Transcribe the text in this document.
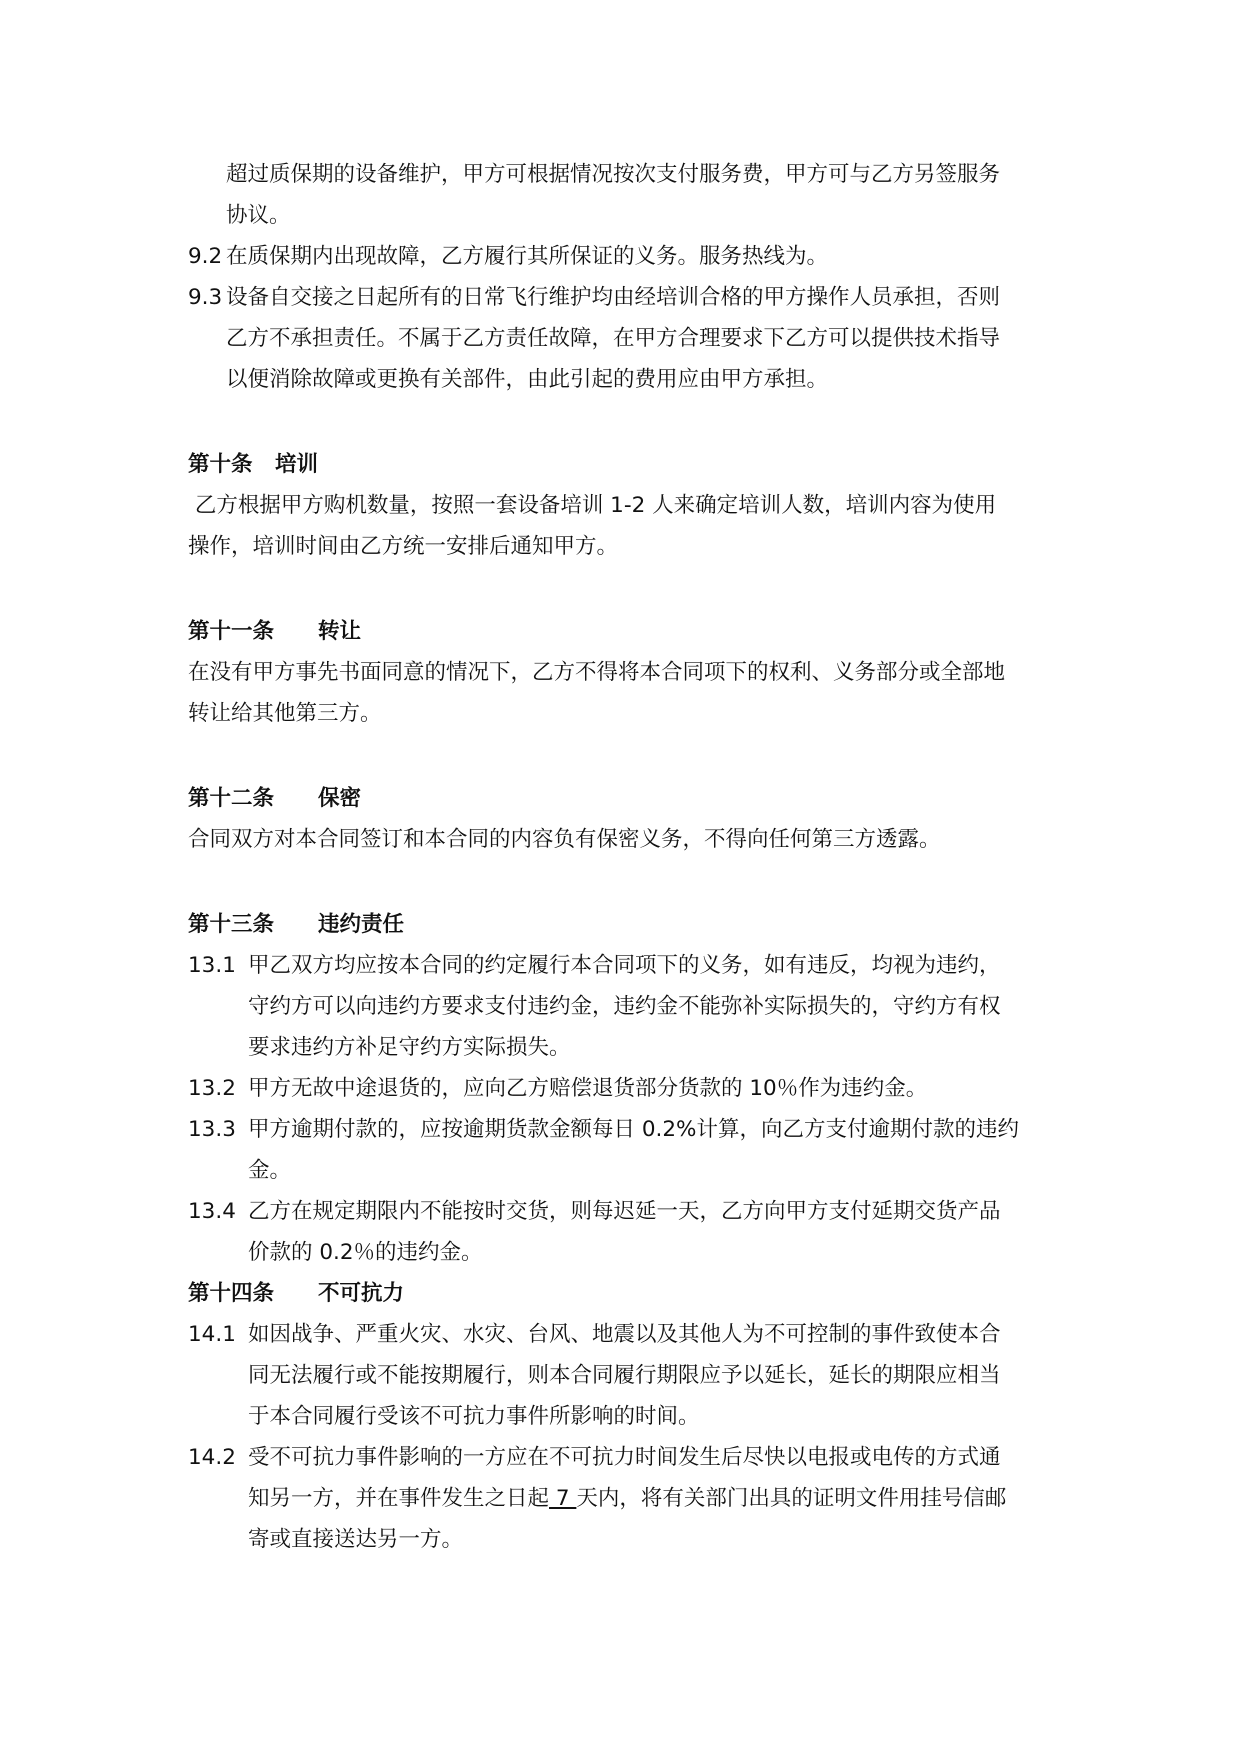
超过质保期的设备维护，甲方可根据情况按次支付服务费，甲方可与乙方另签服务
协议。
9.2 在质保期内出现故障，乙方履行其所保证的义务。服务热线为。
9.3 设备自交接之日起所有的日常飞行维护均由经培训合格的甲方操作人员承担，否则
乙方不承担责任。不属于乙方责任故障，在甲方合理要求下乙方可以提供技术指导
以便消除故障或更换有关部件，由此引起的费用应由甲方承担。
第十条 培训
乙方根据甲方购机数量，按照一套设备培训 1-2 人来确定培训人数，培训内容为使用
操作，培训时间由乙方统一安排后通知甲方。
第十一条 转让
在没有甲方事先书面同意的情况下，乙方不得将本合同项下的权利、义务部分或全部地
转让给其他第三方。
第十二条 保密
合同双方对本合同签订和本合同的内容负有保密义务，不得向任何第三方透露。
第十三条 违约责任
13.1 甲乙双方均应按本合同的约定履行本合同项下的义务，如有违反，均视为违约，
守约方可以向违约方要求支付违约金，违约金不能弥补实际损失的，守约方有权
要求违约方补足守约方实际损失。
13.2 甲方无故中途退货的，应向乙方赔偿退货部分货款的 10％作为违约金。
13.3 甲方逾期付款的，应按逾期货款金额每日 0.2%计算，向乙方支付逾期付款的违约
金。
13.4 乙方在规定期限内不能按时交货，则每迟延一天，乙方向甲方支付延期交货产品
价款的 0.2％的违约金。
第十四条 不可抗力
14.1 如因战争、严重火灾、水灾、台风、地震以及其他人为不可控制的事件致使本合
同无法履行或不能按期履行，则本合同履行期限应予以延长，延长的期限应相当
于本合同履行受该不可抗力事件所影响的时间。
14.2 受不可抗力事件影响的一方应在不可抗力时间发生后尽快以电报或电传的方式通
知另一方，并在事件发生之日起 7 天内，将有关部门出具的证明文件用挂号信邮
寄或直接送达另一方。
